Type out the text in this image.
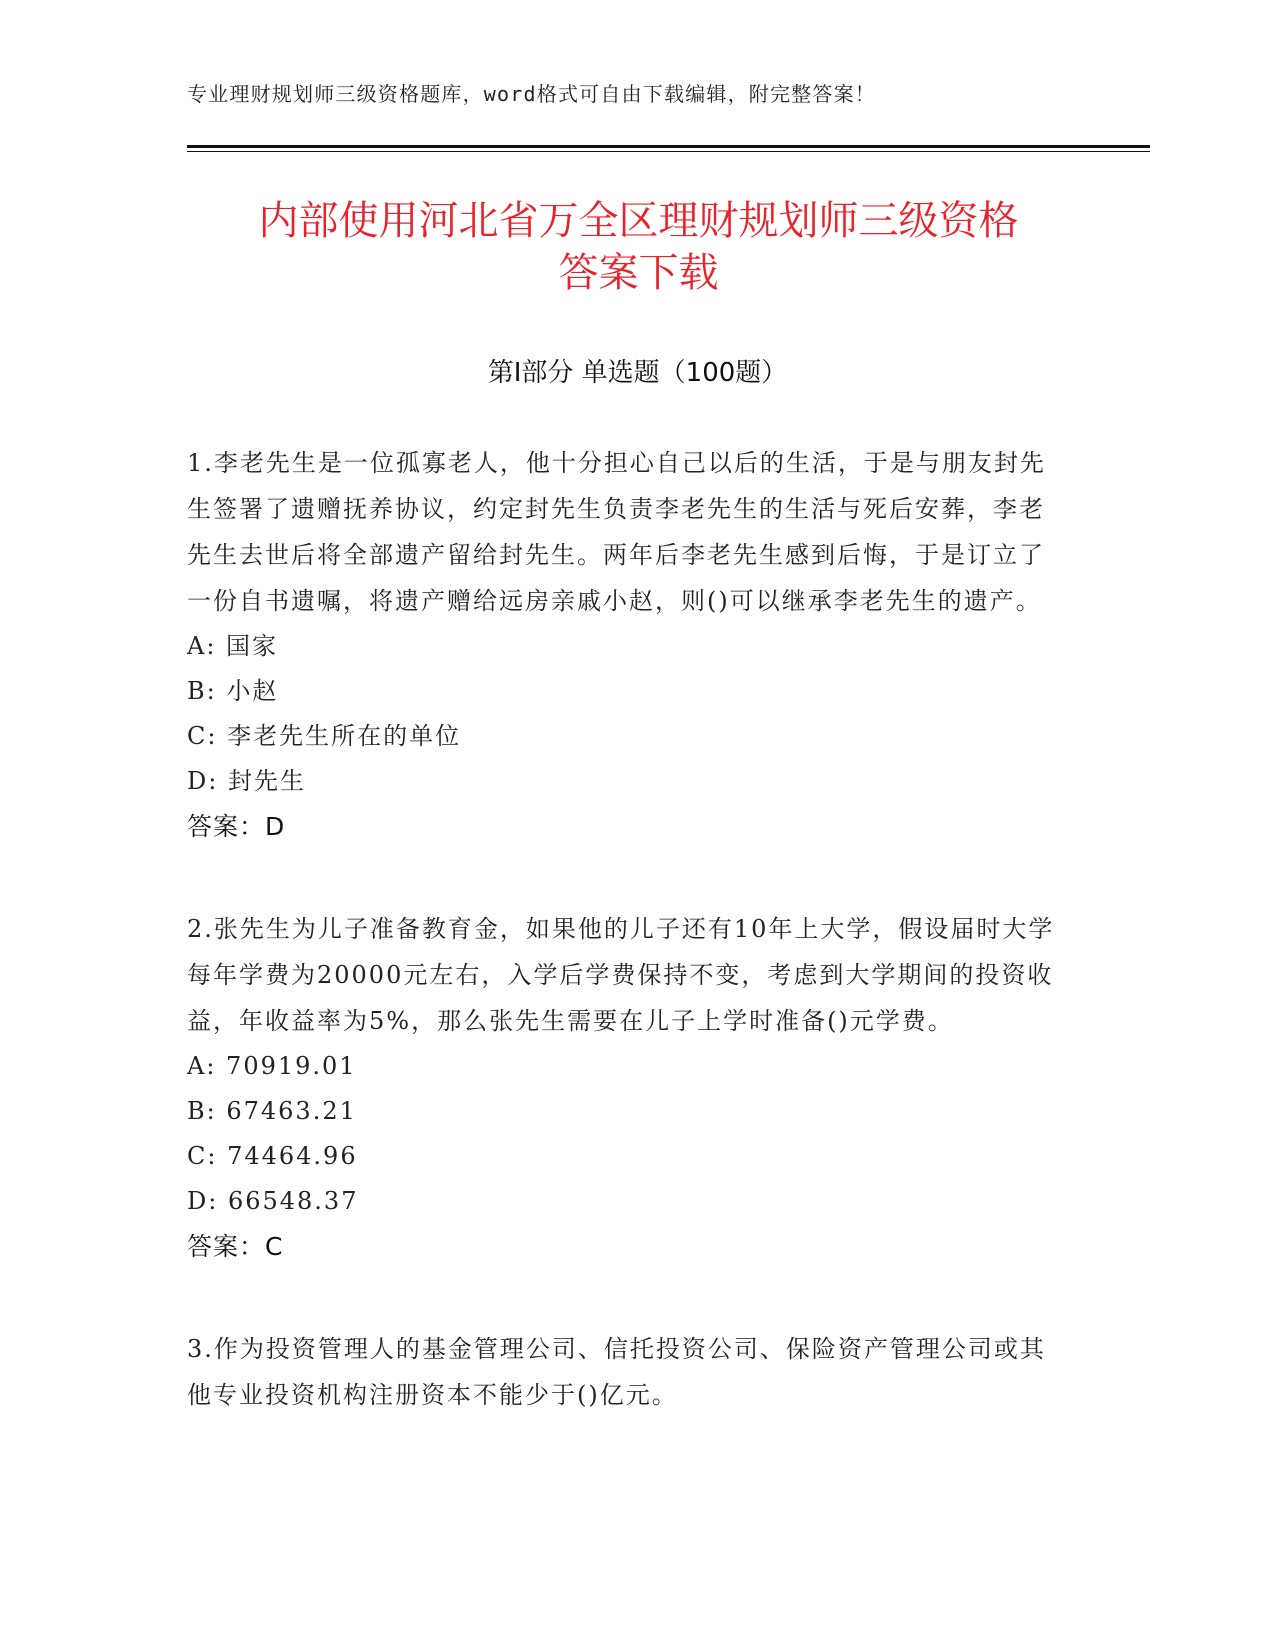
专业理财规划师三级资格题库，word格式可自由下载编辑，附完整答案！
内部使用河北省万全区理财规划师三级资格
答案下载
第Ⅰ部分 单选题（100题）

1.李老先生是一位孤寡老人，他十分担心自己以后的生活，于是与朋友封先生签署了遗赠抚养协议，约定封先生负责李老先生的生活与死后安葬，李老先生去世后将全部遗产留给封先生。两年后李老先生感到后悔，于是订立了一份自书遗嘱，将遗产赠给远房亲戚小赵，则()可以继承李老先生的遗产。

A: 国家

B: 小赵

C: 李老先生所在的单位

D: 封先生

答案：D

2.张先生为儿子准备教育金，如果他的儿子还有10年上大学，假设届时大学每年学费为20000元左右，入学后学费保持不变，考虑到大学期间的投资收益，年收益率为5%，那么张先生需要在儿子上学时准备()元学费。

A: 70919.01

B: 67463.21

C: 74464.96

D: 66548.37

答案：C

3.作为投资管理人的基金管理公司、信托投资公司、保险资产管理公司或其他专业投资机构注册资本不能少于()亿元。
